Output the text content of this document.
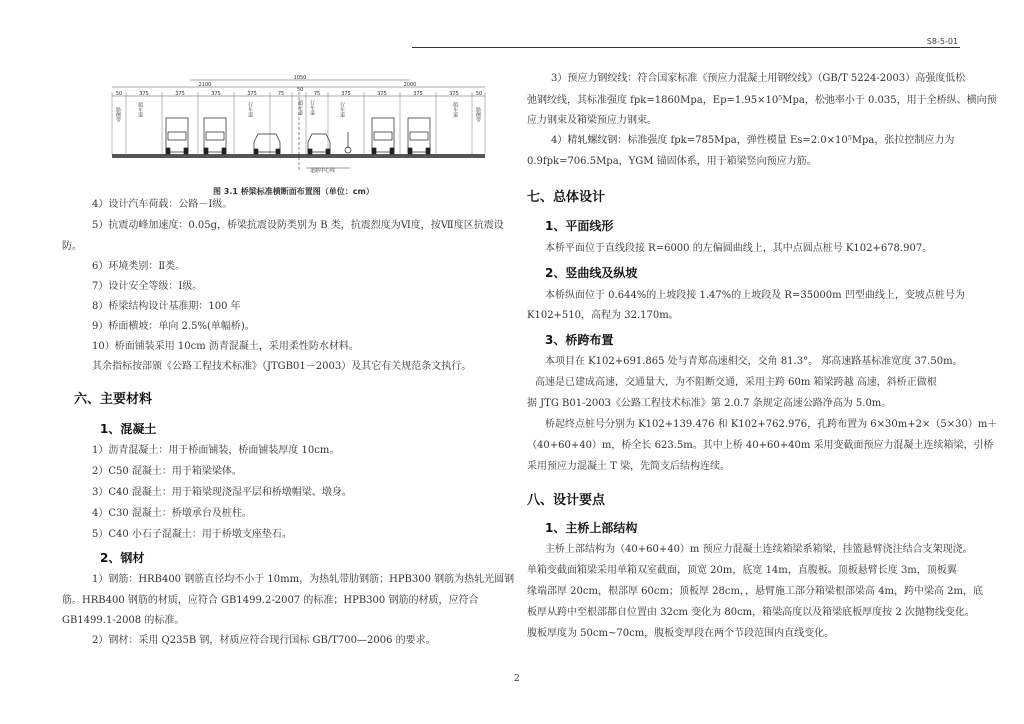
S8-5-01
1050
2100	2000
50
50	375	375	375	375	75	75	375	375	375	375	50
道路中心线
路侧带	超车道	行车道	行车道	超车道	路侧带
超车道 行车道
图 3.1 桥梁标准横断面布置图（单位：cm）
4）设计汽车荷载：公路－Ⅰ级。
5）抗震动峰加速度：0.05g，桥梁抗震设防类别为 B 类，抗震烈度为Ⅵ度，按Ⅶ度区抗震设
防。
6）环境类别：Ⅱ类。
7）设计安全等级：Ⅰ级。
8）桥梁结构设计基准期：100 年
9）桥面横坡：单向 2.5%(单幅桥)。
10）桥面铺装采用 10cm 沥青混凝土，采用柔性防水材料。
其余指标按部颁《公路工程技术标准》（JTGB01－2003）及其它有关规范条文执行。
六、主要材料
1、混凝土
1）沥青混凝土：用于桥面铺装，桥面铺装厚度 10cm。
2）C50 混凝土：用于箱梁梁体。
3）C40 混凝土：用于箱梁现浇湿平层和桥墩帽梁、墩身。
4）C30 混凝土：桥墩承台及桩柱。
5）C40 小石子混凝土：用于桥墩支座垫石。
2、钢材
1）钢筋：HRB400 钢筋直径均不小于 10mm，为热轧带肋钢筋；HPB300 钢筋为热轧光圆钢
筋。HRB400 钢筋的材质，应符合 GB1499.2-2007 的标准；HPB300 钢筋的材质，应符合
GB1499.1-2008 的标准。
2）钢材：采用 Q235B 钢，材质应符合现行国标 GB/T700—2006 的要求。
3）预应力钢绞线：符合国家标准《预应力混凝土用钢绞线》（GB/T 5224-2003）高强度低松
弛钢绞线，其标准强度 fpk=1860Mpa，Ep=1.95×10⁵Mpa，松弛率小于 0.035，用于全桥纵、横向预
应力钢束及箱梁预应力钢束。
4）精轧螺纹钢：标准强度 fpk=785Mpa，弹性模量 Es=2.0×10⁵Mpa，张拉控制应力为
0.9fpk=706.5Mpa，YGM 锚固体系，用于箱梁竖向预应力筋。
七、总体设计
1、平面线形
本桥平面位于直线段接 R=6000 的左偏圆曲线上，其中点圆点桩号 K102+678.907。
2、竖曲线及纵坡
本桥纵面位于 0.644%的上坡段接 1.47%的上坡段及 R=35000m 凹型曲线上，变坡点桩号为
K102+510，高程为 32.170m。
3、桥跨布置
本项目在 K102+691.865 处与青郑高速相交，交角 81.3°。 郑高速路基标准宽度 37.50m。
高速是已建成高速，交通量大，为不阻断交通，采用主跨 60m 箱梁跨越 高速，斜桥正做根
据 JTG B01-2003《公路工程技术标准》第 2.0.7 条规定高速公路净高为 5.0m。
桥起终点桩号分别为 K102+139.476 和 K102+762.976，孔跨布置为 6×30m+2×（5×30）m＋
（40+60+40）m，桥全长 623.5m。其中上桥 40+60+40m 采用变截面预应力混凝土连续箱梁，引桥
采用预应力混凝土 T 梁，先简支后结构连续。
八、设计要点
1、主桥上部结构
主桥上部结构为（40+60+40）m 预应力混凝土连续箱梁系箱梁，挂篮悬臂浇注结合支架现浇。
单箱变截面箱梁采用单箱双室截面，顶宽 20m，底宽 14m，直腹板。顶板悬臂长度 3m，顶板翼
缘端部厚 20cm，根部厚 60cm；顶板厚 28cm，，悬臂施工部分箱梁根部梁高 4m，跨中梁高 2m，底
板厚从跨中至根部都自位置由 32cm 变化为 80cm，箱梁高度以及箱梁底板厚度按 2 次抛物线变化。
腹板厚度为 50cm~70cm，腹板变厚段在两个节段范围内直线变化。
2
